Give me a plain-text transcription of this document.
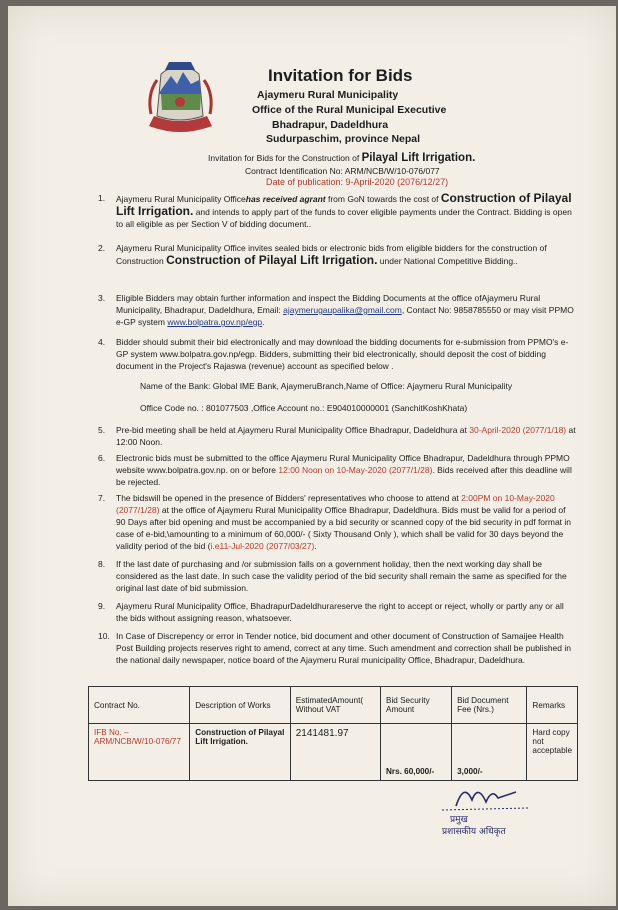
Invitation for Bids
Ajaymeru Rural Municipality
Office of the Rural Municipal Executive
Bhadrapur, Dadeldhura
Sudurpaschim, province Nepal
Invitation for Bids for the Construction of Pilayal Lift Irrigation.
Contract Identification No: ARM/NCB/W/10-076/077
Date of publication: 9-April-2020 (2076/12/27)
1. Ajaymeru Rural Municipality Officehas received agrant from GoN towards the cost of Construction of Pilayal Lift Irrigation. and intends to apply part of the funds to cover eligible payments under the Contract. Bidding is open to all eligible as per Section V of bidding document..
2. Ajaymeru Rural Municipality Office invites sealed bids or electronic bids from eligible bidders for the construction of Construction Construction of Pilayal Lift Irrigation. under National Competitive Bidding..
3. Eligible Bidders may obtain further information and inspect the Bidding Documents at the office ofAjaymeru Rural Municipality, Bhadrapur, Dadeldhura, Email: ajaymerugaupalika@gmail.com, Contact No: 9858785550 or may visit PPMO e-GP system www.bolpatra.gov.np/egp.
4. Bidder should submit their bid electronically and may download the bidding documents for e-submission from PPMO's e-GP system www.bolpatra.gov.np/egp. Bidders, submitting their bid electronically, should deposit the cost of bidding document in the Project's Rajaswa (revenue) account as specified below .
Name of the Bank: Global IME Bank, AjaymeruBranch,Name of Office: Ajaymeru Rural Municipality
Office Code no. : 801077503 ,Office Account no.: E904010000001 (SanchitKoshKhata)
5. Pre-bid meeting shall be held at Ajaymeru Rural Municipality Office Bhadrapur, Dadeldhura at 30-April-2020 (2077/1/18) at 12:00 Noon.
6. Electronic bids must be submitted to the office Ajaymeru Rural Municipality Office Bhadrapur, Dadeldhura through PPMO website www.bolpatra.gov.np. on or before 12:00 Noon on 10-May-2020 (2077/1/28). Bids received after this deadline will be rejected.
7. The bidswill be opened in the presence of Bidders' representatives who choose to attend at 2:00PM on 10-May-2020 (2077/1/28) at the office of Ajaymeru Rural Municipality Office Bhadrapur, Dadeldhura. Bids must be valid for a period of 90 Days after bid opening and must be accompanied by a bid security or scanned copy of the bid security in pdf format in case of e-bid,\amounting to a minimum of 60,000/- ( Sixty Thousand Only ), which shall be valid for 30 days beyond the validity period of the bid (i.e11-Jul-2020 (2077/03/27).
8. If the last date of purchasing and /or submission falls on a government holiday, then the next working day shall be considered as the last date. In such case the validity period of the bid security shall remain the same as specified for the original last date of bid submission.
9. Ajaymeru Rural Municipality Office, BhadrapurDadeldhurareserve the right to accept or reject, wholly or partly any or all the bids without assigning reason, whatsoever.
10. In Case of Discrepency or error in Tender notice, bid document and other document of Construction of Samaijee Health Post Building projects reserves right to amend, correct at any time. Such amendment and correction shall be published in the national daily newspaper, notice board of the Ajaymeru Rural municipality Office, Bhadrapur, Dadeldhura.
Contract No.	Description of Works	EstimatedAmount( Without VAT	Bid Security Amount	Bid Document Fee (Nrs.)	Remarks
IFB No. – ARM/NCB/W/10-076/77	Construction of Pilayal Lift Irrigation.	2141481.97	Nrs. 60,000/-	3,000/-	Hard copy not acceptable
प्रमुख
प्रशासकीय अधिकृत
